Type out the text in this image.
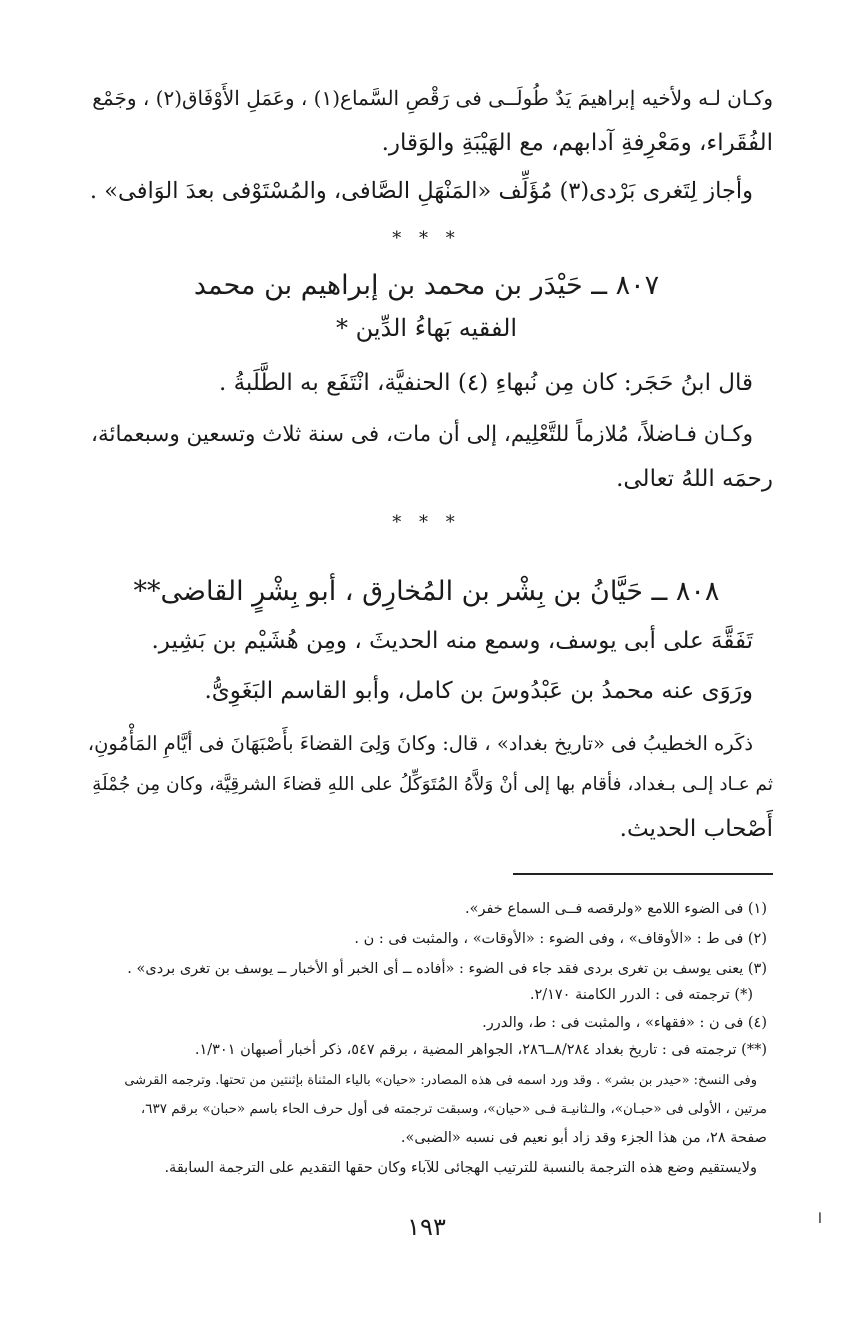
وكـان لـه ولأخيه إبراهيمَ يَدٌ طُولَــى فى رَقْصِ السَّماع(١) ، وعَمَلِ الأَوْفَاق(٢) ، وجَمْع
الفُقَراء، ومَعْرِفةِ آدابهم، مع الهَيْبَةِ والوَقار.
وأجاز لِتَغرى بَرْدى(٣) مُؤَلِّف «المَنْهَلِ الصَّافى، والمُسْتَوْفى بعدَ الوَافى» .
* * *
٨٠٧ ــ حَيْدَر بن محمد بن إبراهيم بن محمد
الفقيه بَهاءُ الدِّين *
قال ابنُ حَجَر: كان مِن نُبهاءِ (٤) الحنفيَّة، انْتَفَع به الطَّلَبةُ .
وكـان فـاضلاً، مُلازماً للتَّعْلِيم، إلى أن مات، فى سنة ثلاث وتسعين وسبعمائة،
رحمَه اللهُ تعالى.
* * *
٨٠٨ ــ حَيَّانُ بن بِشْر بن المُخارِق ، أبو بِشْرٍ القاضى**
تَفَقَّهَ على أبى يوسف، وسمع منه الحديثَ ، ومِن هُشَيْم بن بَشِير.
ورَوَى عنه محمدُ بن عَبْدُوسَ بن كامل، وأبو القاسم البَغَوِىُّ.
ذكَره الخطيبُ فى «تاريخ بغداد» ، قال: وكانَ وَلِىَ القضاءَ بأَصْبَهَانَ فى أيَّامِ المَأْمُونِ،
ثم عـاد إلـى بـغداد، فأقام بها إلى أنْ وَلاَّهُ المُتَوَكِّلُ على اللهِ قضاءَ الشرقِيَّة، وكان مِن جُمْلَةِ
أَصْحاب الحديث.
(١) فى الضوء اللامع «ولرقصه فــى السماع خفر».
(٢) فى ط : «الأوقاف» ، وفى الضوء : «الأوقات» ، والمثبت فى : ن .
(٣) يعنى يوسف بن تغرى بردى فقد جاء فى الضوء : «أفاده ــ أى الخبر أو الأخبار ــ يوسف بن تغرى بردى» .
(*) ترجمته فى : الدرر الكامنة ٢/١٧٠.
(٤) فى ن : «فقهاء» ، والمثبت فى : ط، والدرر.
(**) ترجمته فى : تاريخ بغداد ٨/٢٨٤ــ٢٨٦، الجواهر المضية ، برقم ٥٤٧، ذكر أخبار أصبهان ١/٣٠١.
وفى النسخ: «حيدر بن بشر» . وقد ورد اسمه فى هذه المصادر: «حيان» بالياء المثناة بإثنتين من تحتها. وترجمه القرشى
مرتين ، الأولى فى «حبـان»، والـثانيـة فـى «حيان»، وسبقت ترجمته فى أول حرف الحاء باسم «حبان» برقم ٦٣٧،
صفحة ٢٨، من هذا الجزء وقد زاد أبو نعيم فى نسبه «الضبى».
ولايستقيم وضع هذه الترجمة بالنسبة للترتيب الهجائى للآباء وكان حقها التقديم على الترجمة السابقة.
١٩٣	ا
